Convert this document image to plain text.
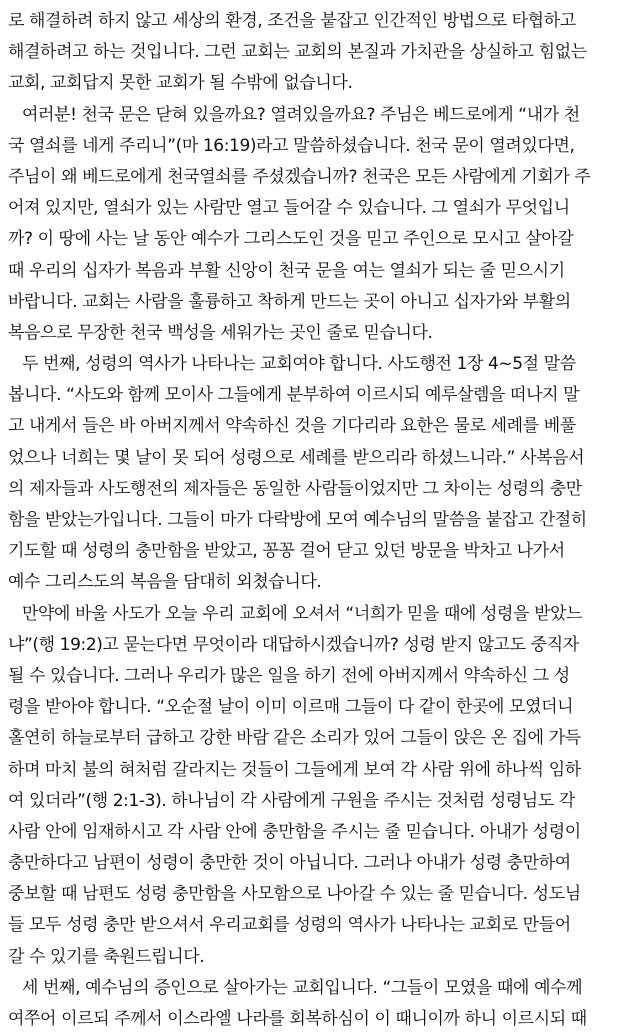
로 해결하려 하지 않고 세상의 환경, 조건을 붙잡고 인간적인 방법으로 타협하고
해결하려고 하는 것입니다. 그런 교회는 교회의 본질과 가치관을 상실하고 힘없는
교회, 교회답지 못한 교회가 될 수밖에 없습니다.
여러분! 천국 문은 닫혀 있을까요? 열려있을까요? 주님은 베드로에게 “내가 천
국 열쇠를 네게 주리니”(마 16:19)라고 말씀하셨습니다. 천국 문이 열려있다면,
주님이 왜 베드로에게 천국열쇠를 주셨겠습니까? 천국은 모든 사람에게 기회가 주
어져 있지만, 열쇠가 있는 사람만 열고 들어갈 수 있습니다. 그 열쇠가 무엇입니
까? 이 땅에 사는 날 동안 예수가 그리스도인 것을 믿고 주인으로 모시고 살아갈
때 우리의 십자가 복음과 부활 신앙이 천국 문을 여는 열쇠가 되는 줄 믿으시기
바랍니다. 교회는 사람을 훌륭하고 착하게 만드는 곳이 아니고 십자가와 부활의
복음으로 무장한 천국 백성을 세워가는 곳인 줄로 믿습니다.
두 번째, 성령의 역사가 나타나는 교회여야 합니다. 사도행전 1장 4~5절 말씀
봅니다. “사도와 함께 모이사 그들에게 분부하여 이르시되 예루살렘을 떠나지 말
고 내게서 들은 바 아버지께서 약속하신 것을 기다리라 요한은 물로 세례를 베풀
었으나 너희는 몇 날이 못 되어 성령으로 세례를 받으리라 하셨느니라.” 사복음서
의 제자들과 사도행전의 제자들은 동일한 사람들이었지만 그 차이는 성령의 충만
함을 받았는가입니다. 그들이 마가 다락방에 모여 예수님의 말씀을 붙잡고 간절히
기도할 때 성령의 충만함을 받았고, 꽁꽁 걸어 닫고 있던 방문을 박차고 나가서
예수 그리스도의 복음을 담대히 외쳤습니다.
만약에 바울 사도가 오늘 우리 교회에 오셔서 “너희가 믿을 때에 성령을 받았느
냐”(행 19:2)고 묻는다면 무엇이라 대답하시겠습니까? 성령 받지 않고도 중직자
될 수 있습니다. 그러나 우리가 많은 일을 하기 전에 아버지께서 약속하신 그 성
령을 받아야 합니다. “오순절 날이 이미 이르매 그들이 다 같이 한곳에 모였더니
홀연히 하늘로부터 급하고 강한 바람 같은 소리가 있어 그들이 앉은 온 집에 가득
하며 마치 불의 혀처럼 갈라지는 것들이 그들에게 보여 각 사람 위에 하나씩 임하
여 있더라”(행 2:1-3). 하나님이 각 사람에게 구원을 주시는 것처럼 성령님도 각
사람 안에 임재하시고 각 사람 안에 충만함을 주시는 줄 믿습니다. 아내가 성령이
충만하다고 남편이 성령이 충만한 것이 아닙니다. 그러나 아내가 성령 충만하여
중보할 때 남편도 성령 충만함을 사모함으로 나아갈 수 있는 줄 믿습니다. 성도님
들 모두 성령 충만 받으셔서 우리교회를 성령의 역사가 나타나는 교회로 만들어
갈 수 있기를 축원드립니다.
세 번째, 예수님의 증인으로 살아가는 교회입니다. “그들이 모였을 때에 예수께
여쭈어 이르되 주께서 이스라엘 나라를 회복하심이 이 때니이까 하니 이르시되 때
